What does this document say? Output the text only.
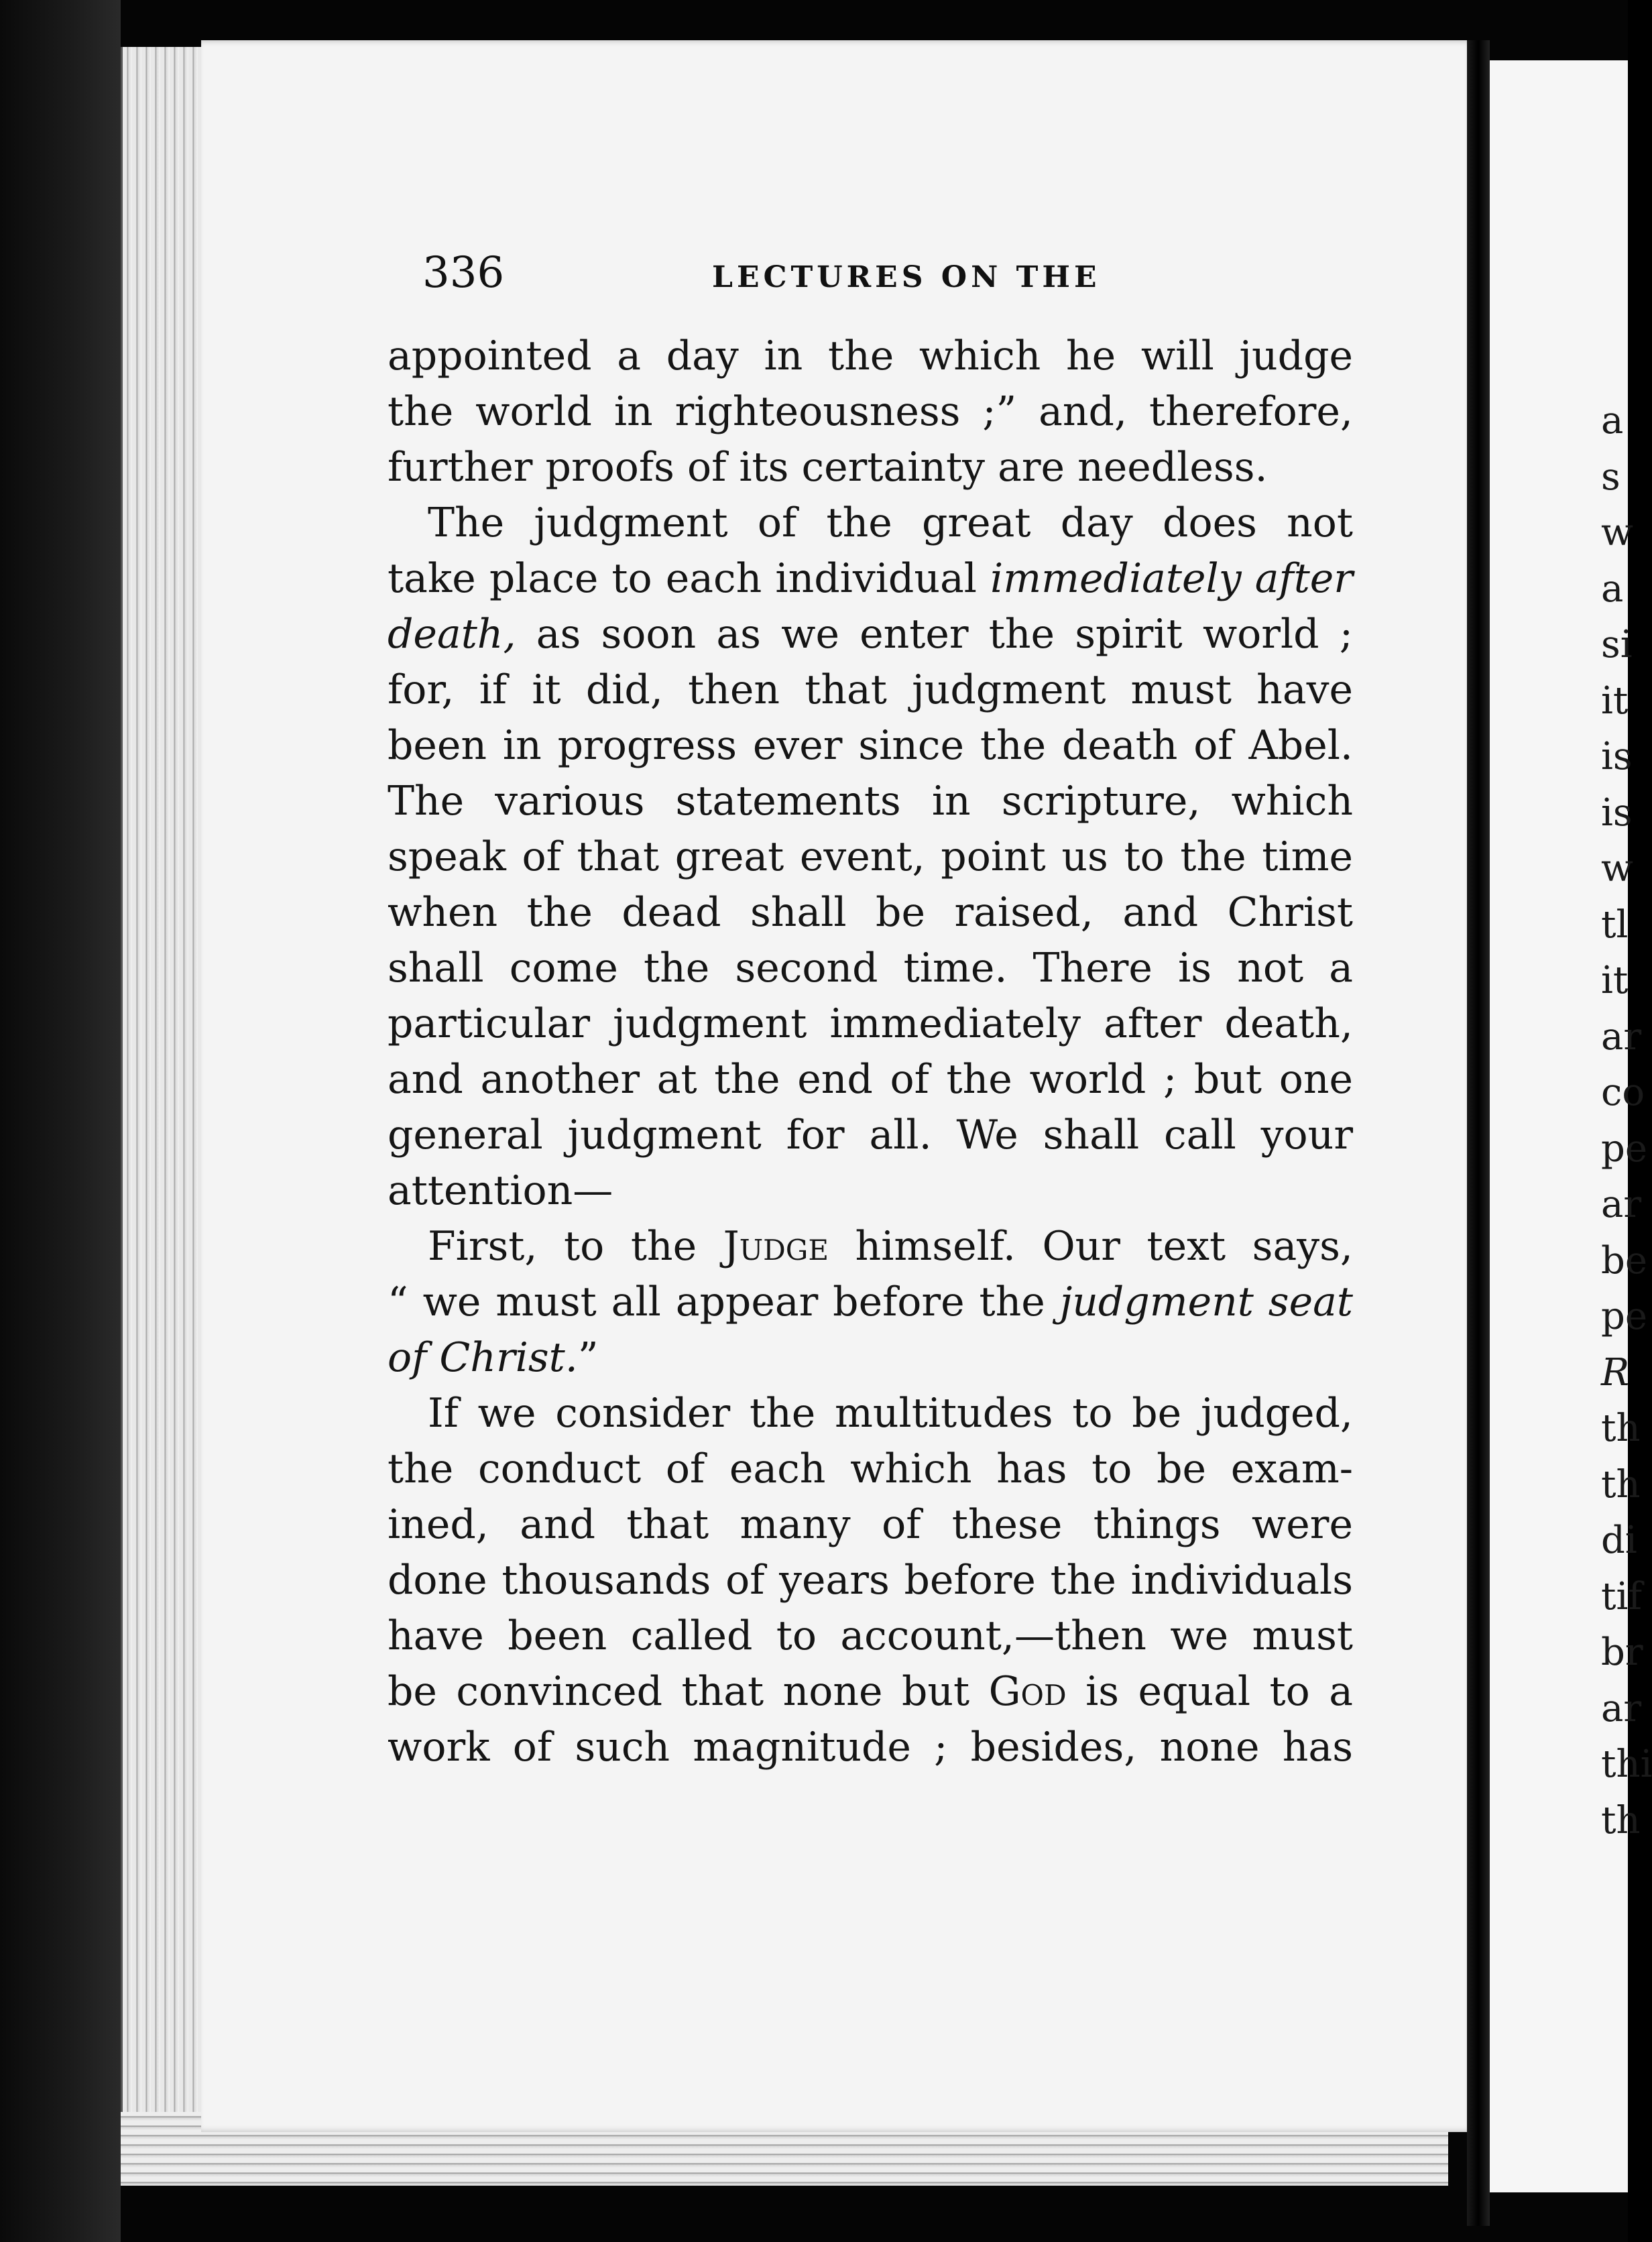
336	LECTURES ON THE
appointed a day in the which he will judge
the world in righteousness ;” and, therefore,
further proofs of its certainty are needless.
The judgment of the great day does not
take place to each individual immediately after
death, as soon as we enter the spirit world ;
for, if it did, then that judgment must have
been in progress ever since the death of Abel.
The various statements in scripture, which
speak of that great event, point us to the time
when the dead shall be raised, and Christ
shall come the second time. There is not a
particular judgment immediately after death,
and another at the end of the world ; but one
general judgment for all. We shall call your
attention—
First, to the Judge himself. Our text says,
“ we must all appear before the judgment seat
of Christ.”
If we consider the multitudes to be judged,
the conduct of each which has to be exam-
ined, and that many of these things were
done thousands of years before the individuals
have been called to account,—then we must
be convinced that none but God is equal to a
work of such magnitude ; besides, none has
a
s
w
a
si
it
is
is
w
tl
it
ar
co
pe
ar
be
pe
R
th
th
di
tif
br
ar
thi
th
